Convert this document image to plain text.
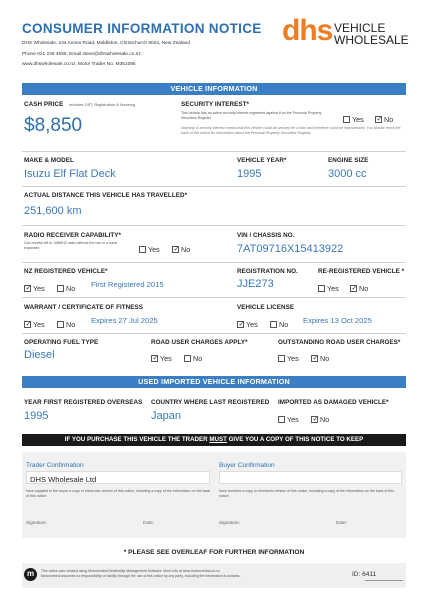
CONSUMER INFORMATION NOTICE
DHS Wholesale, 244 Annex Road, Middleton, Christchurch 8024, New Zealand
Phone 021 226 4555, Email steve@dhswholesale.co.nz
www.dhswholesale.co.nz, Motor Trader No. M361085
dhs VEHICLE
WHOLESALE
VEHICLE INFORMATION
CASH PRICE includes GST, Registration & licensing
$8,850
SECURITY INTEREST*
This vehicle has an active security interest registered against it on the Personal Property Securities Register.	Yes ✓	No
Warning: A security interest means that this vehicle could be security for a loan and therefore could be repossessed. You should check the back of this notice for information about the Personal Property Securities Register.
MAKE & MODEL
Isuzu Elf Flat Deck
VEHICLE YEAR*
1995
ENGINE SIZE
3000 cc
ACTUAL DISTANCE THIS VEHICLE HAS TRAVELLED*
251,600 km
RADIO RECEIVER CAPABILITY*
Can receive 88 to 108MHZ radio without the use of a band expander:	Yes ✓	No
VIN / CHASSIS NO.
7AT09716X15413922
NZ REGISTERED VEHICLE*
✓Yes	No First Registered 2015
REGISTRATION NO.
JJE273
RE-REGISTERED VEHICLE *
Yes ✓	No
WARRANT / CERTIFICATE OF FITNESS
✓Yes	No Expires 27 Jul 2025
VEHICLE LICENSE
✓Yes	No Expires 13 Oct 2025
OPERATING FUEL TYPE
Diesel
ROAD USER CHARGES APPLY*
✓Yes	No
OUTSTANDING ROAD USER CHARGES*
Yes ✓	No
USED IMPORTED VEHICLE INFORMATION
YEAR FIRST REGISTERED OVERSEAS
1995
COUNTRY WHERE LAST REGISTERED
Japan
IMPORTED AS DAMAGED VEHICLE*
Yes ✓	No
IF YOU PURCHASE THIS VEHICLE THE TRADER MUST GIVE YOU A COPY OF THIS NOTICE TO KEEP
Trader Confirmation
DHS Wholesale Ltd
have supplied to the buyer a copy or electronic version of this notice, including a copy of the information on the back of this notice.
Signature:	Date:
Buyer Confirmation
have received a copy or electronic version of this notice, including a copy of the information on the back of this notice.
Signature:	Date:
* PLEASE SEE OVERLEAF FOR FURTHER INFORMATION
m	This notice was created using Motorcentral Dealership Management Software. More info at www.motorcentral.co.nz
Motorcentral assumes no responsibility or liability through the use of this notice by any party, including the information it contains.	ID: 6411
